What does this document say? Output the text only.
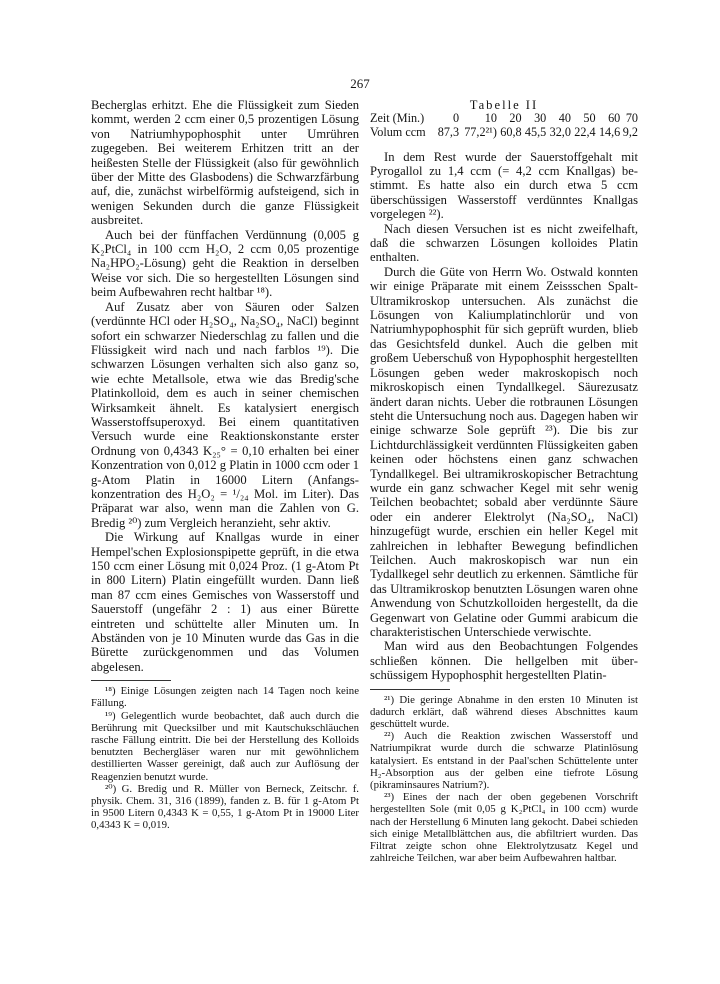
267

Becherglas erhitzt. Ehe die Flüssigkeit zum Sieden kommt, werden 2 ccm einer 0,5 prozentigen Lösung von Natriumhypophosphit unter Umrühren zugegeben. Bei weiterem Erhitzen tritt an der heißesten Stelle der Flüssigkeit (also für gewöhnlich über der Mitte des Glasbodens) die Schwarzfärbung auf, die, zunächst wirbelförmig aufsteigend, sich in wenigen Sekunden durch die ganze Flüssigkeit ausbreitet.

Auch bei der fünffachen Verdünnung (0,005 g K₂PtCl₄ in 100 ccm H₂O, 2 ccm 0,05 prozentige Na₂HPO₂-Lösung) geht die Reaktion in derselben Weise vor sich. Die so hergestellten Lösungen sind beim Aufbewahren recht haltbar ¹⁸).

Auf Zusatz aber von Säuren oder Salzen (verdünnte HCl oder H₂SO₄, Na₂SO₄, NaCl) beginnt sofort ein schwarzer Niederschlag zu fallen und die Flüssigkeit wird nach und nach farblos ¹⁹). Die schwarzen Lösungen verhalten sich also ganz so, wie echte Metallsole, etwa wie das Bredig'sche Platinkolloid, dem es auch in seiner chemischen Wirksamkeit ähnelt. Es katalysiert energisch Wasserstoffsuperoxyd. Bei einem quantitativen Versuch wurde eine Reaktionskonstante erster Ordnung von 0,4343 K₂₅° = 0,10 erhalten bei einer Konzentration von 0,012 g Platin in 1000 ccm oder 1 g-Atom Platin in 16000 Litern (Anfangskonzentration des H₂O₂ = ¹/₂₄ Mol. im Liter). Das Präparat war also, wenn man die Zahlen von G. Bredig ²⁰) zum Vergleich heranzieht, sehr aktiv.

Die Wirkung auf Knallgas wurde in einer Hempel'schen Explosionspipette geprüft, in die etwa 150 ccm einer Lösung mit 0,024 Proz. (1 g-Atom Pt in 800 Litern) Platin eingefüllt wurden. Dann ließ man 87 ccm eines Gemisches von Wasserstoff und Sauerstoff (ungefähr 2 : 1) aus einer Bürette eintreten und schüttelte aller Minuten um. In Abständen von je 10 Minuten wurde das Gas in die Bürette zurückgenommen und das Volumen abgelesen.

¹⁸) Einige Lösungen zeigten nach 14 Tagen noch keine Fällung.

¹⁹) Gelegentlich wurde beobachtet, daß auch durch die Berührung mit Quecksilber und mit Kautschukschläuchen rasche Fällung eintritt. Die bei der Herstellung des Kolloids benutzten Bechergläser waren nur mit gewöhnlichem destillierten Wasser gereinigt, daß auch zur Auflösung der Reagenzien benutzt wurde.

²⁰) G. Bredig und R. Müller von Berneck, Zeitschr. f. physik. Chem. 31, 316 (1899), fanden z. B. für 1 g-Atom Pt in 9500 Litern 0,4343 K = 0,55, 1 g-Atom Pt in 19000 Liter 0,4343 K = 0,019.

Tabelle II

Zeit (Min.)	0	10	20	30	40	50	60	70
Volum ccm	87,3	77,2²¹)	60,8	45,5	32,0	22,4	14,6	9,2

In dem Rest wurde der Sauerstoffgehalt mit Pyrogallol zu 1,4 ccm (= 4,2 ccm Knallgas) bestimmt. Es hatte also ein durch etwa 5 ccm überschüssigen Wasserstoff verdünntes Knallgas vorgelegen ²²).

Nach diesen Versuchen ist es nicht zweifelhaft, daß die schwarzen Lösungen kolloides Platin enthalten.

Durch die Güte von Herrn Wo. Ostwald konnten wir einige Präparate mit einem Zeissschen Spalt-Ultramikroskop untersuchen. Als zunächst die Lösungen von Kaliumplatinchlorür und von Natriumhypophosphit für sich geprüft wurden, blieb das Gesichtsfeld dunkel. Auch die gelben mit großem Ueberschuß von Hypophosphit hergestellten Lösungen geben weder makroskopisch noch mikroskopisch einen Tyndallkegel. Säurezusatz ändert daran nichts. Ueber die rotbraunen Lösungen steht die Untersuchung noch aus. Dagegen haben wir einige schwarze Sole geprüft ²³). Die bis zur Lichtdurchlässigkeit verdünnten Flüssigkeiten gaben keinen oder höchstens einen ganz schwachen Tyndallkegel. Bei ultramikroskopischer Betrachtung wurde ein ganz schwacher Kegel mit sehr wenig Teilchen beobachtet; sobald aber verdünnte Säure oder ein anderer Elektrolyt (Na₂SO₄, NaCl) hinzugefügt wurde, erschien ein heller Kegel mit zahlreichen in lebhafter Bewegung befindlichen Teilchen. Auch makroskopisch war nun ein Tydallkegel sehr deutlich zu erkennen. Sämtliche für das Ultramikroskop benutzten Lösungen waren ohne Anwendung von Schutzkolloiden hergestellt, da die Gegenwart von Gelatine oder Gummi arabicum die charakteristischen Unterschiede verwischte.

Man wird aus den Beobachtungen Folgendes schließen können. Die hellgelben mit überschüssigem Hypophosphit hergestellten Platin-

²¹) Die geringe Abnahme in den ersten 10 Minuten ist dadurch erklärt, daß während dieses Abschnittes kaum geschüttelt wurde.

²²) Auch die Reaktion zwischen Wasserstoff und Natriumpikrat wurde durch die schwarze Platinlösung katalysiert. Es entstand in der Paal'schen Schüttelente unter H₂-Absorption aus der gelben eine tiefrote Lösung (pikraminsaures Natrium?).

²³) Eines der nach der oben gegebenen Vorschrift hergestellten Sole (mit 0,05 g K₂PtCl₄ in 100 ccm) wurde nach der Herstellung 6 Minuten lang gekocht. Dabei schieden sich einige Metallblättchen aus, die abfiltriert wurden. Das Filtrat zeigte schon ohne Elektrolytzusatz Kegel und zahlreiche Teilchen, war aber beim Aufbewahren haltbar.
